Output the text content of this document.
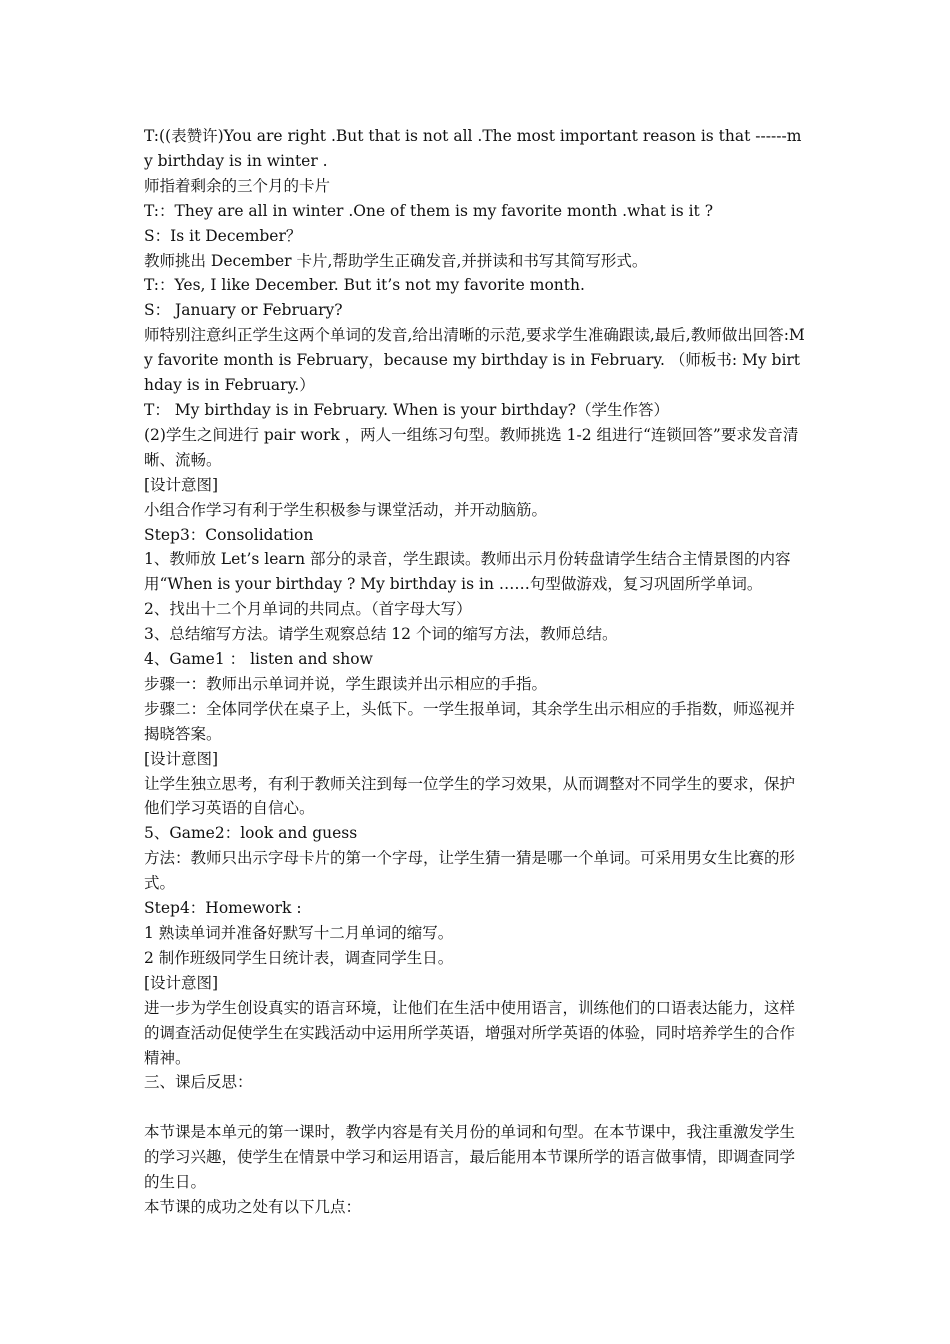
T:((表赞许)You are right .But that is not all .The most important reason is that ------my birthday is in winter .

师指着剩余的三个月的卡片

T:：They are all in winter .One of them is my favorite month .what is it ?

S：Is it December？

教师挑出 December 卡片,帮助学生正确发音,并拼读和书写其简写形式。

T:：Yes, I like December. But it’s not my favorite month.

S： January or February?

师特别注意纠正学生这两个单词的发音,给出清晰的示范,要求学生准确跟读,最后,教师做出回答:My favorite month is February，because my birthday is in February. （师板书: My birthday is in February.）

T： My birthday is in February. When is your birthday?（学生作答）

(2)学生之间进行 pair work ，两人一组练习句型。教师挑选 1-2 组进行“连锁回答”要求发音清晰、流畅。

[设计意图]

小组合作学习有利于学生积极参与课堂活动，并开动脑筋。

Step3：Consolidation

1、教师放 Let’s learn 部分的录音，学生跟读。教师出示月份转盘请学生结合主情景图的内容用“When is your birthday ? My birthday is in ……句型做游戏，复习巩固所学单词。

2、找出十二个月单词的共同点。（首字母大写）

3、总结缩写方法。请学生观察总结 12 个词的缩写方法，教师总结。

4、Game1 ： listen and show

步骤一：教师出示单词并说，学生跟读并出示相应的手指。

步骤二：全体同学伏在桌子上，头低下。一学生报单词，其余学生出示相应的手指数，师巡视并揭晓答案。

[设计意图]

让学生独立思考，有利于教师关注到每一位学生的学习效果，从而调整对不同学生的要求，保护他们学习英语的自信心。

5、Game2：look and guess

方法：教师只出示字母卡片的第一个字母，让学生猜一猜是哪一个单词。可采用男女生比赛的形式。

Step4：Homework :

1 熟读单词并准备好默写十二月单词的缩写。

2 制作班级同学生日统计表，调查同学生日。

[设计意图]

进一步为学生创设真实的语言环境，让他们在生活中使用语言，训练他们的口语表达能力，这样的调查活动促使学生在实践活动中运用所学英语，增强对所学英语的体验，同时培养学生的合作精神。

三、课后反思：

本节课是本单元的第一课时，教学内容是有关月份的单词和句型。在本节课中，我注重激发学生的学习兴趣，使学生在情景中学习和运用语言，最后能用本节课所学的语言做事情，即调查同学的生日。

本节课的成功之处有以下几点：
